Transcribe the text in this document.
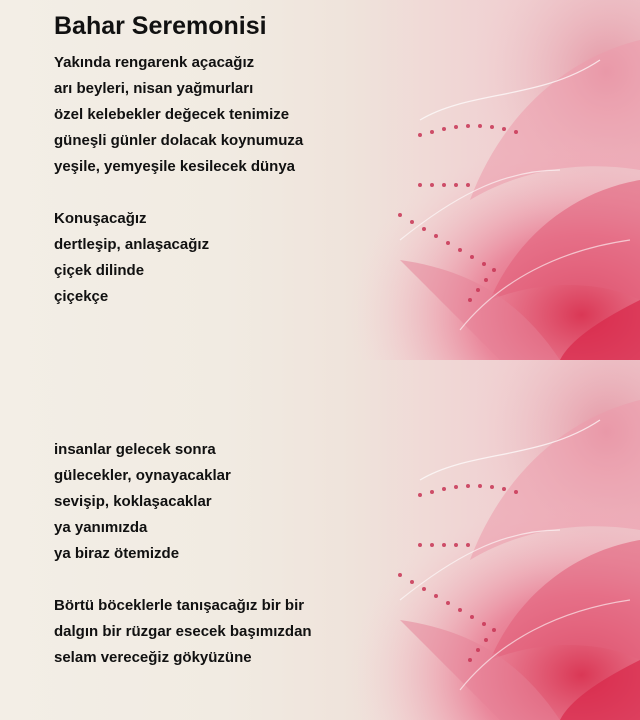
Bahar Seremonisi
Yakında rengarenk açacağız
arı beyleri, nisan yağmurları
özel kelebekler değecek tenimize
güneşli günler dolacak koynumuza
yeşile, yemyeşile kesilecek dünya
Konuşacağız
dertleşip, anlaşacağız
çiçek dilinde
çiçekçe
insanlar gelecek sonra
gülecekler, oynayacaklar
sevişip, koklaşacaklar
ya yanımızda
ya biraz ötemizde
Börtü böceklerle tanışacağız bir bir
dalgın bir rüzgar esecek başımızdan
selam vereceğiz gökyüzüne
